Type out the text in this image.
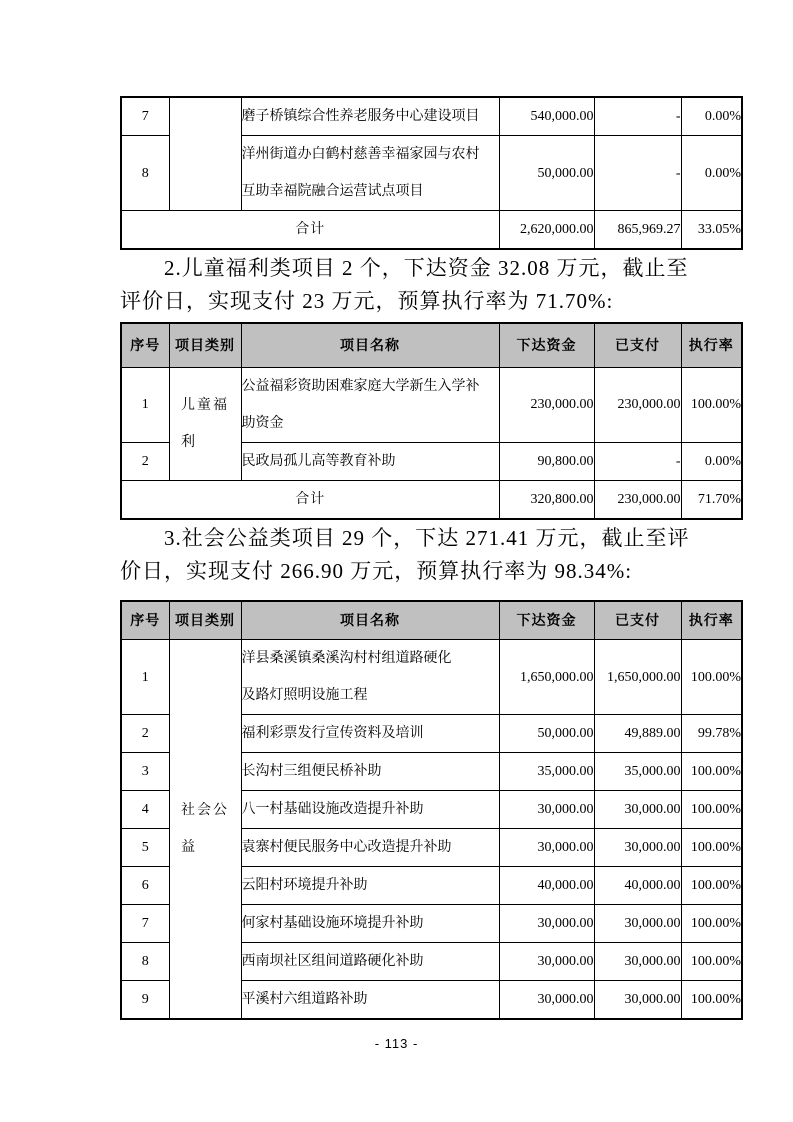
7		磨子桥镇综合性养老服务中心建设项目	540,000.00	-	0.00%
8		洋州街道办白鹤村慈善幸福家园与农村
互助幸福院融合运营试点项目	50,000.00	-	0.00%
合计			2,620,000.00	865,969.27	33.05%
2.儿童福利类项目 2 个，下达资金 32.08 万元，截止至
评价日，实现支付 23 万元，预算执行率为 71.70%:
序号	项目类别	项目名称	下达资金	已支付	执行率
1	儿童福利	公益福彩资助困难家庭大学新生入学补
助资金	230,000.00	230,000.00	100.00%
2		民政局孤儿高等教育补助	90,800.00	-	0.00%
合计			320,800.00	230,000.00	71.70%
3.社会公益类项目 29 个，下达 271.41 万元，截止至评
价日，实现支付 266.90 万元，预算执行率为 98.34%:
序号	项目类别	项目名称	下达资金	已支付	执行率
1	社会公益	洋县桑溪镇桑溪沟村村组道路硬化
及路灯照明设施工程	1,650,000.00	1,650,000.00	100.00%
2		福利彩票发行宣传资料及培训	50,000.00	49,889.00	99.78%
3		长沟村三组便民桥补助	35,000.00	35,000.00	100.00%
4		八一村基础设施改造提升补助	30,000.00	30,000.00	100.00%
5		袁寨村便民服务中心改造提升补助	30,000.00	30,000.00	100.00%
6		云阳村环境提升补助	40,000.00	40,000.00	100.00%
7		何家村基础设施环境提升补助	30,000.00	30,000.00	100.00%
8		西南坝社区组间道路硬化补助	30,000.00	30,000.00	100.00%
9		平溪村六组道路补助	30,000.00	30,000.00	100.00%
- 113 -
